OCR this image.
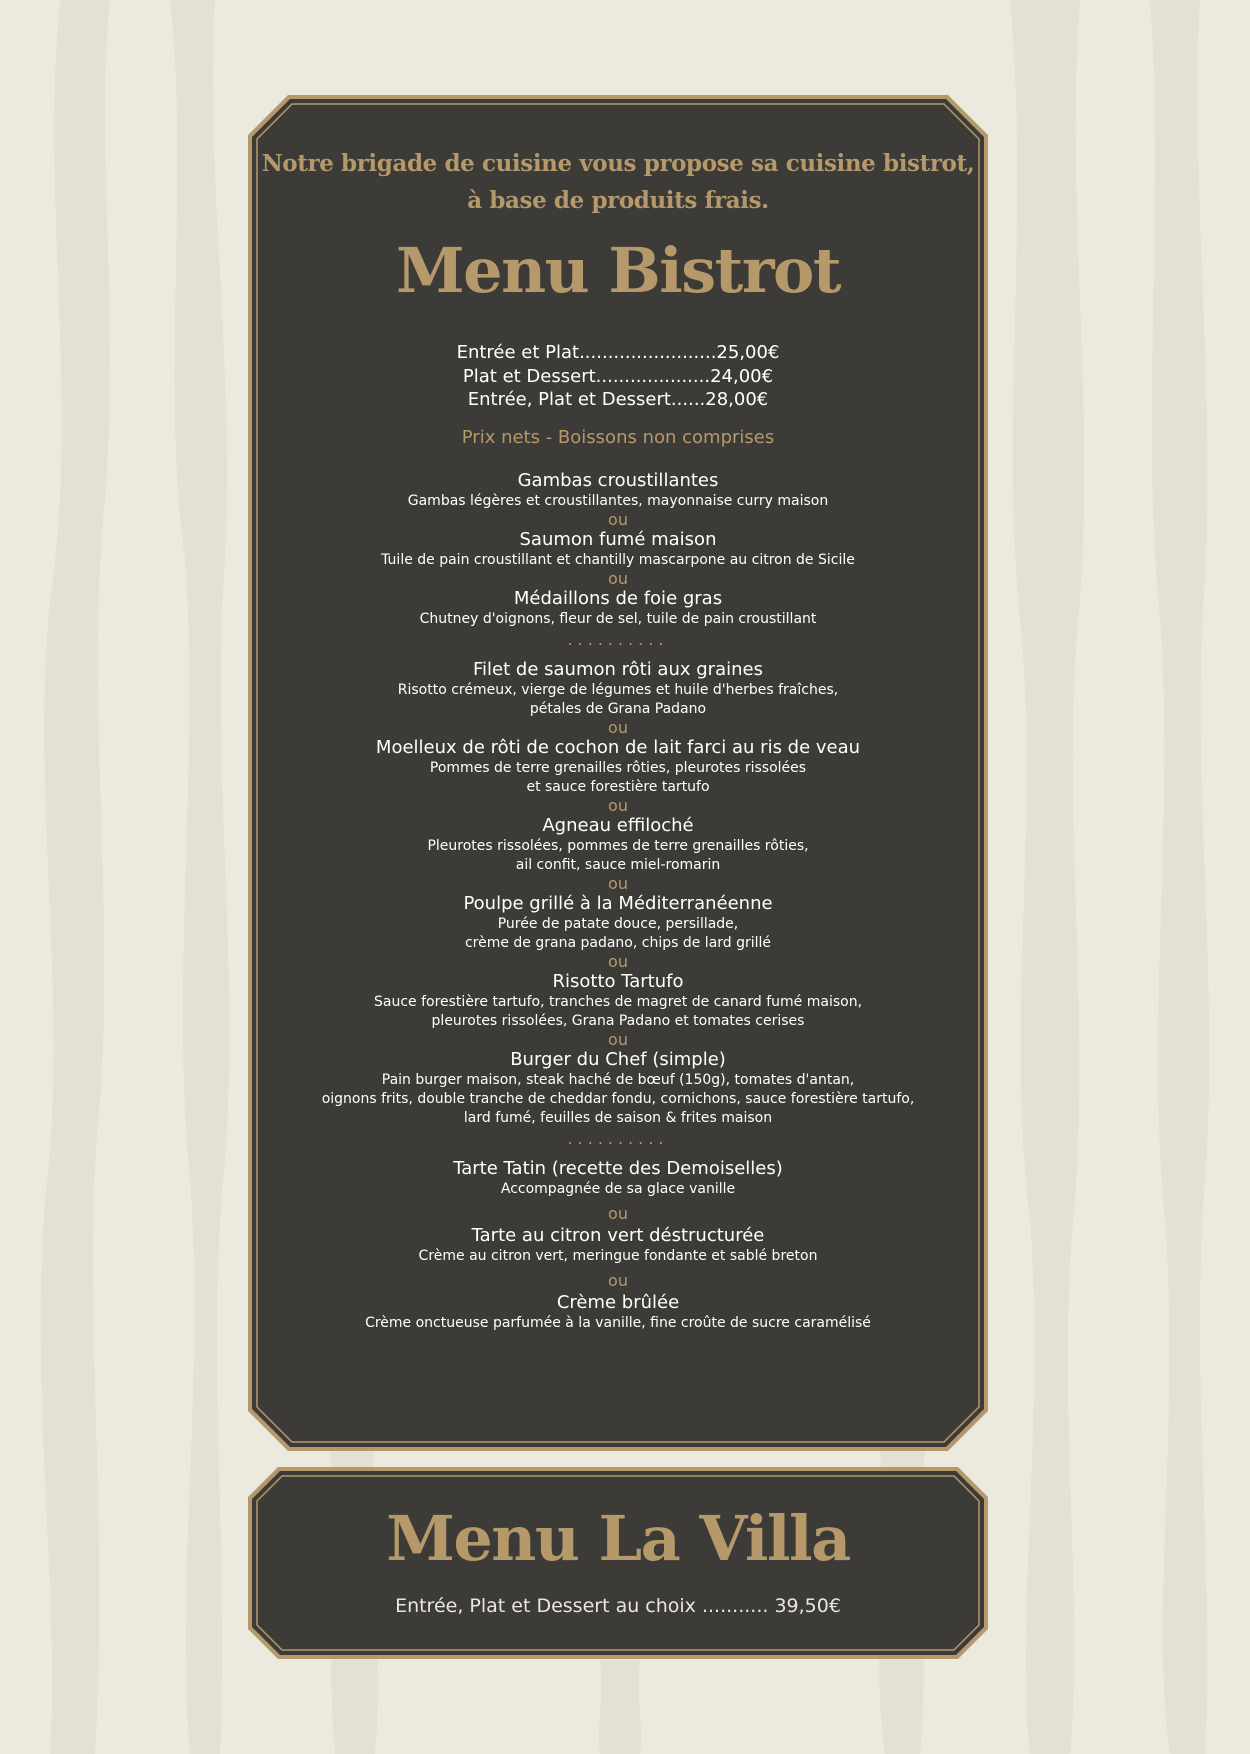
Notre brigade de cuisine vous propose sa cuisine bistrot,
à base de produits frais.
Menu Bistrot
Entrée et Plat........................25,00€
Plat et Dessert....................24,00€
Entrée, Plat et Dessert......28,00€
Prix nets - Boissons non comprises
Gambas croustillantes
Gambas légères et croustillantes, mayonnaise curry maison
ou
Saumon fumé maison
Tuile de pain croustillant et chantilly mascarpone au citron de Sicile
ou
Médaillons de foie gras
Chutney d'oignons, fleur de sel, tuile de pain croustillant
..........
Filet de saumon rôti aux graines
Risotto crémeux, vierge de légumes et huile d'herbes fraîches,
pétales de Grana Padano
ou
Moelleux de rôti de cochon de lait farci au ris de veau
Pommes de terre grenailles rôties, pleurotes rissolées
et sauce forestière tartufo
ou
Agneau effiloché
Pleurotes rissolées, pommes de terre grenailles rôties,
ail confit, sauce miel-romarin
ou
Poulpe grillé à la Méditerranéenne
Purée de patate douce, persillade,
crème de grana padano, chips de lard grillé
ou
Risotto Tartufo
Sauce forestière tartufo, tranches de magret de canard fumé maison,
pleurotes rissolées, Grana Padano et tomates cerises
ou
Burger du Chef (simple)
Pain burger maison, steak haché de bœuf (150g), tomates d'antan,
oignons frits, double tranche de cheddar fondu, cornichons, sauce forestière tartufo,
lard fumé, feuilles de saison & frites maison
..........
Tarte Tatin (recette des Demoiselles)
Accompagnée de sa glace vanille
ou
Tarte au citron vert déstructurée
Crème au citron vert, meringue fondante et sablé breton
ou
Crème brûlée
Crème onctueuse parfumée à la vanille, fine croûte de sucre caramélisé
Menu La Villa
Entrée, Plat et Dessert au choix ........... 39,50€
